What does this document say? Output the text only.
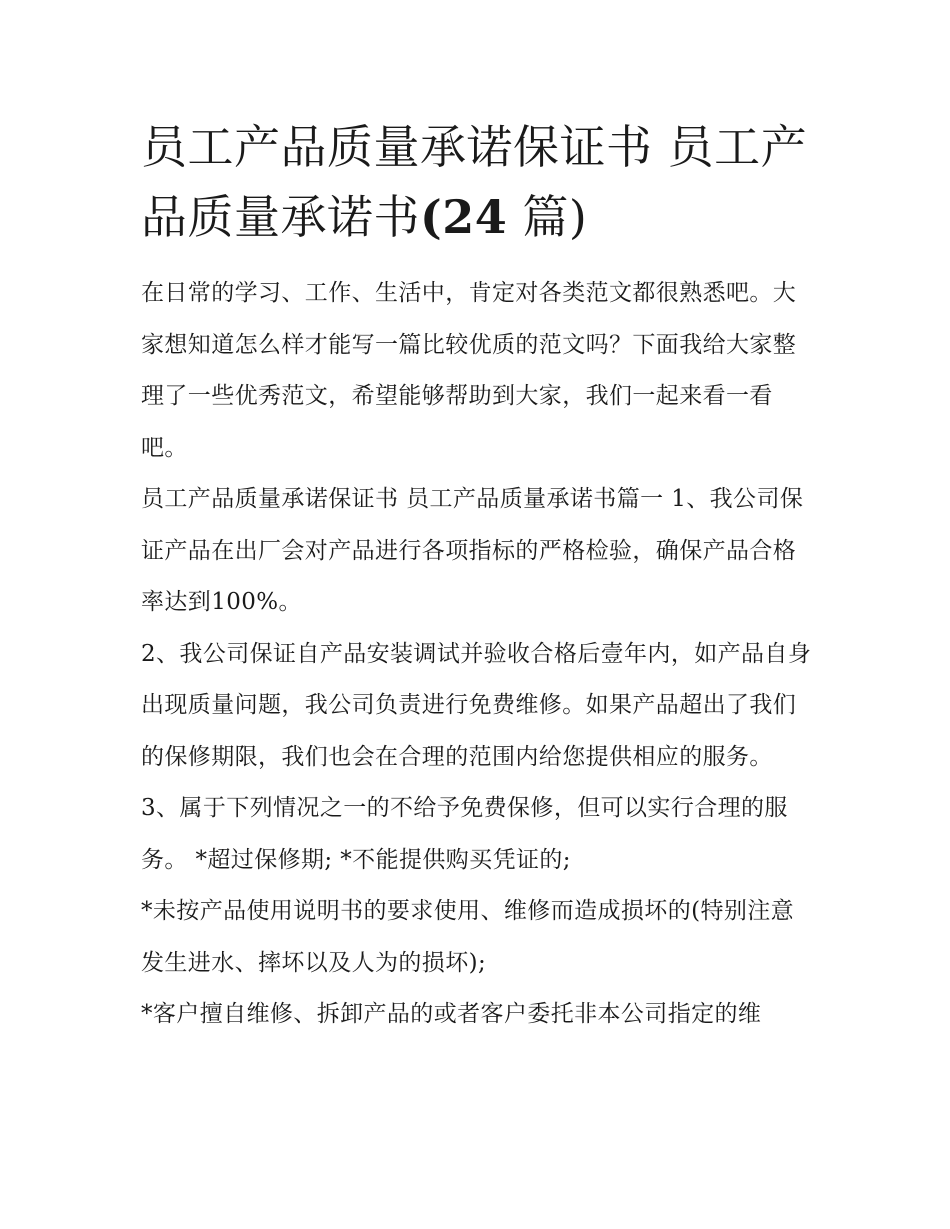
员工产品质量承诺保证书 员工产品质量承诺书(24 篇)

在日常的学习、工作、生活中，肯定对各类范文都很熟悉吧。大家想知道怎么样才能写一篇比较优质的范文吗？下面我给大家整理了一些优秀范文，希望能够帮助到大家，我们一起来看一看吧。

员工产品质量承诺保证书 员工产品质量承诺书篇一 1、我公司保证产品在出厂会对产品进行各项指标的严格检验，确保产品合格率达到100%。

2、我公司保证自产品安装调试并验收合格后壹年内，如产品自身出现质量问题，我公司负责进行免费维修。如果产品超出了我们的保修期限，我们也会在合理的范围内给您提供相应的服务。

3、属于下列情况之一的不给予免费保修，但可以实行合理的服务。 *超过保修期; *不能提供购买凭证的;

*未按产品使用说明书的要求使用、维修而造成损坏的(特别注意发生进水、摔坏以及人为的损坏);

*客户擅自维修、拆卸产品的或者客户委托非本公司指定的维
